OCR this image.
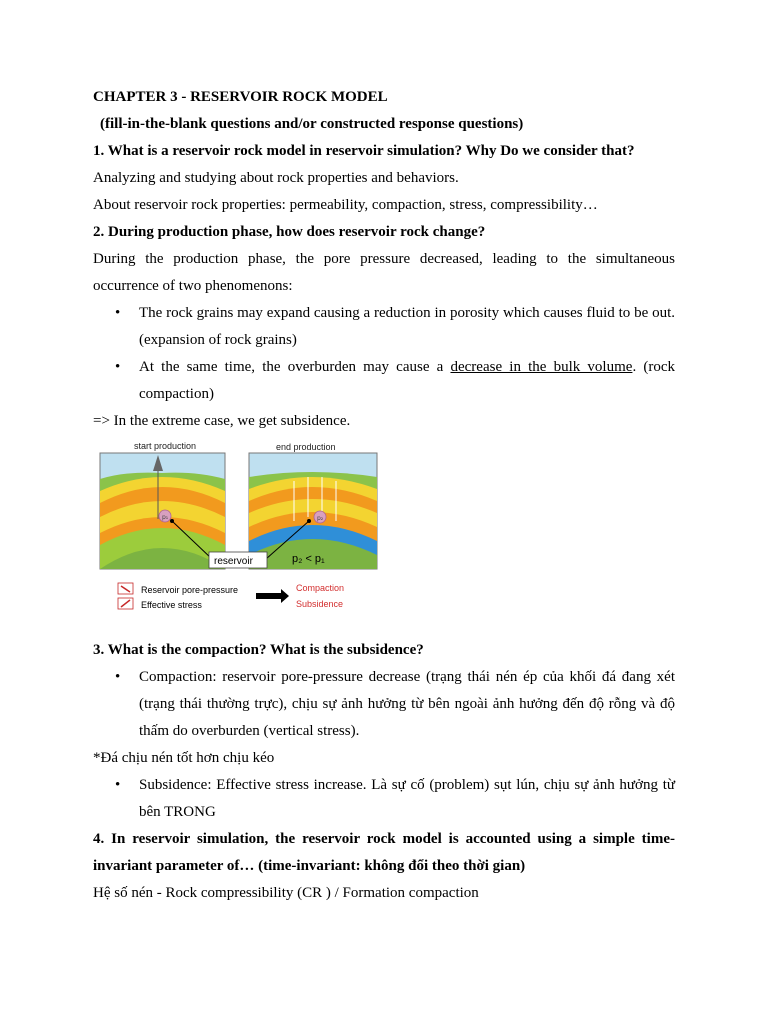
CHAPTER 3 - RESERVOIR ROCK MODEL

(fill-in-the-blank questions and/or constructed response questions)

1. What is a reservoir rock model in reservoir simulation? Why Do we consider that?

Analyzing and studying about rock properties and behaviors.

About reservoir rock properties: permeability, compaction, stress, compressibility…

2. During production phase, how does reservoir rock change?

During the production phase, the pore pressure decreased, leading to the simultaneous occurrence of two phenomenons:

• The rock grains may expand causing a reduction in porosity which causes fluid to be out. (expansion of rock grains)
• At the same time, the overburden may cause a decrease in the bulk volume. (rock compaction)

=> In the extreme case, we get subsidence.

start production	end production
p₁	p₂
reservoir	p₂ < p₁
Reservoir pore-pressure
Effective stress
Compaction
Subsidence

3. What is the compaction? What is the subsidence?

• Compaction: reservoir pore-pressure decrease (trạng thái nén ép của khối đá đang xét (trạng thái thường trực), chịu sự ảnh hưởng từ bên ngoài ảnh hưởng đến độ rỗng và độ thấm do overburden (vertical stress).

*Đá chịu nén tốt hơn chịu kéo

• Subsidence: Effective stress increase. Là sự cố (problem) sụt lún, chịu sự ảnh hưởng từ bên TRONG

4. In reservoir simulation, the reservoir rock model is accounted using a simple time-invariant parameter of… (time-invariant: không đổi theo thời gian)

Hệ số nén - Rock compressibility (CR ) / Formation compaction
